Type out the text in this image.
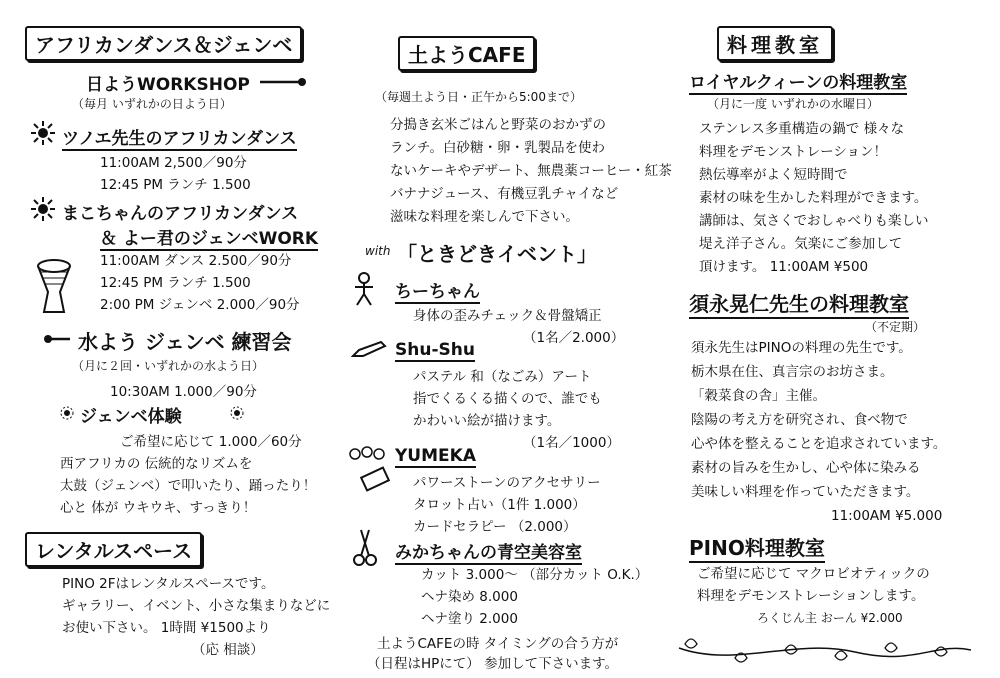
アフリカンダンス＆ジェンベ
日ようWORKSHOP
（毎月 いずれかの日よう日）
ツノエ先生のアフリカンダンス
11:00AM 2,500／90分
12:45 PM ランチ 1.500
まこちゃんのアフリカンダンス
＆ よー君のジェンベWORK
11:00AM ダンス 2.500／90分
12:45 PM ランチ 1.500
2:00 PM ジェンベ 2.000／90分
水よう ジェンベ 練習会
（月に２回・いずれかの水よう日）
10:30AM 1.000／90分
ジェンベ体験
ご希望に応じて 1.000／60分
西アフリカの 伝統的なリズムを
太鼓（ジェンベ）で叩いたり、踊ったり！
心と 体が ウキウキ、すっきり！
レンタルスペース
PINO 2Fはレンタルスペースです。
ギャラリー、イベント、小さな集まりなどに
お使い下さい。 1時間 ¥1500より
（応 相談）
土ようCAFE
（毎週土よう日・正午から5:00まで）
分搗き玄米ごはんと野菜のおかずの
ランチ。白砂糖・卵・乳製品を使わ
ないケーキやデザート、無農薬コーヒー・紅茶
バナナジュース、有機豆乳チャイなど
滋味な料理を楽しんで下さい。
with 「ときどきイベント」
ちーちゃん
身体の歪みチェック＆骨盤矯正
（1名／2.000）
Shu-Shu
パステル 和（なごみ）アート
指でくるくる描くので、誰でも
かわいい絵が描けます。
（1名／1000）
YUMEKA
パワーストーンのアクセサリー
タロット占い（1件 1.000）
カードセラピー （2.000）
みかちゃんの青空美容室
カット 3.000〜 （部分カット O.K.）
ヘナ染め 8.000
ヘナ塗り 2.000
土ようCAFEの時 タイミングの合う方が
（日程はHPにて） 参加して下さいます。
料理教室
ロイヤルクィーンの料理教室
（月に一度 いずれかの水曜日）
ステンレス多重構造の鍋で 様々な
料理をデモンストレーション！
熱伝導率がよく短時間で
素材の味を生かした料理ができます。
講師は、気さくでおしゃべりも楽しい
堤え洋子さん。気楽にご参加して
頂けます。 11:00AM ¥500
須永晃仁先生の料理教室
（不定期）
須永先生はPINOの料理の先生です。
栃木県在住、真言宗のお坊さま。
「穀菜食の舎」主催。
陰陽の考え方を研究され、食べ物で
心や体を整えることを追求されています。
素材の旨みを生かし、心や体に染みる
美味しい料理を作っていただきます。
11:00AM ¥5.000
PINO料理教室
ご希望に応じて マクロビオティックの
料理をデモンストレーションします。
ろくじん主 おーん ¥2.000
